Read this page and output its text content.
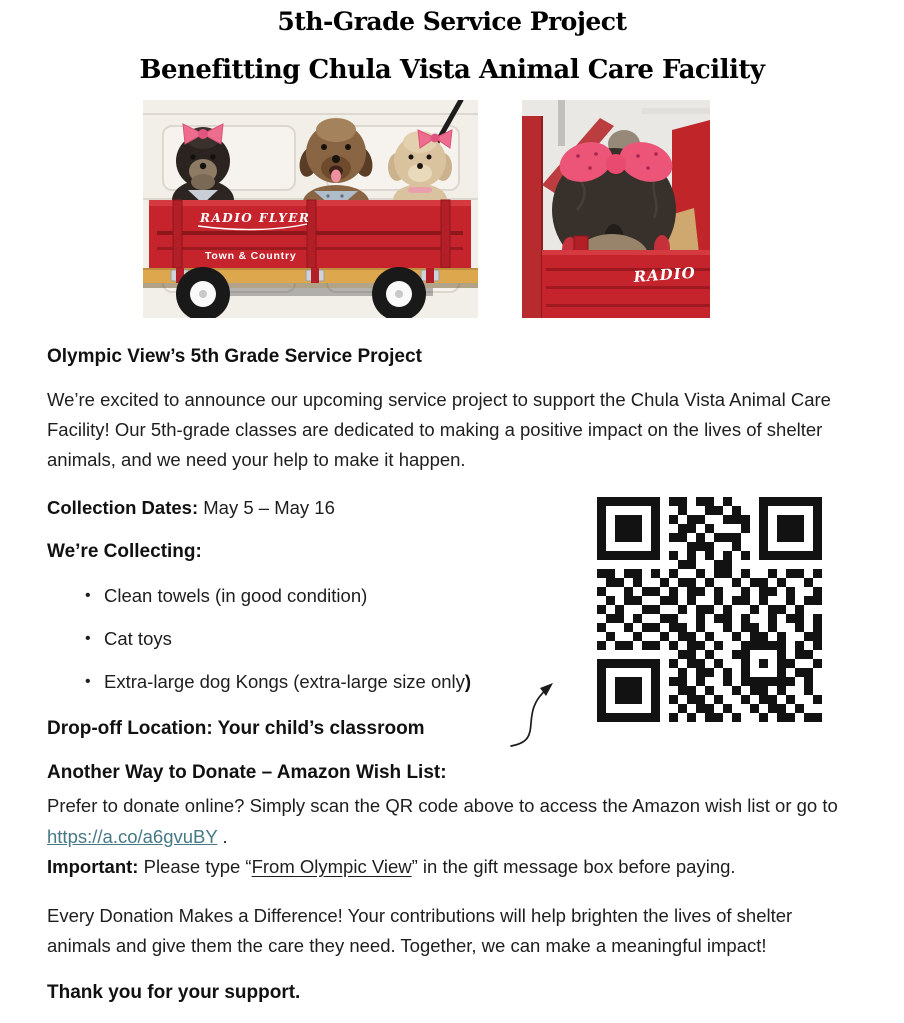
5th-Grade Service Project
Benefitting Chula Vista Animal Care Facility
RADIO FLYER
Town & Country
RADIO
Olympic View’s 5th Grade Service Project

We’re excited to announce our upcoming service project to support the Chula Vista Animal Care Facility! Our 5th-grade classes are dedicated to making a positive impact on the lives of shelter animals, and we need your help to make it happen.

Collection Dates: May 5 – May 16

We’re Collecting:
• Clean towels (in good condition)
• Cat toys
• Extra-large dog Kongs (extra-large size only)
Drop-off Location: Your child’s classroom
Another Way to Donate – Amazon Wish List:

Prefer to donate online? Simply scan the QR code above to access the Amazon wish list or go to https://a.co/a6gvuBY .
Important: Please type “From Olympic View” in the gift message box before paying.

Every Donation Makes a Difference! Your contributions will help brighten the lives of shelter animals and give them the care they need. Together, we can make a meaningful impact!

Thank you for your support.
